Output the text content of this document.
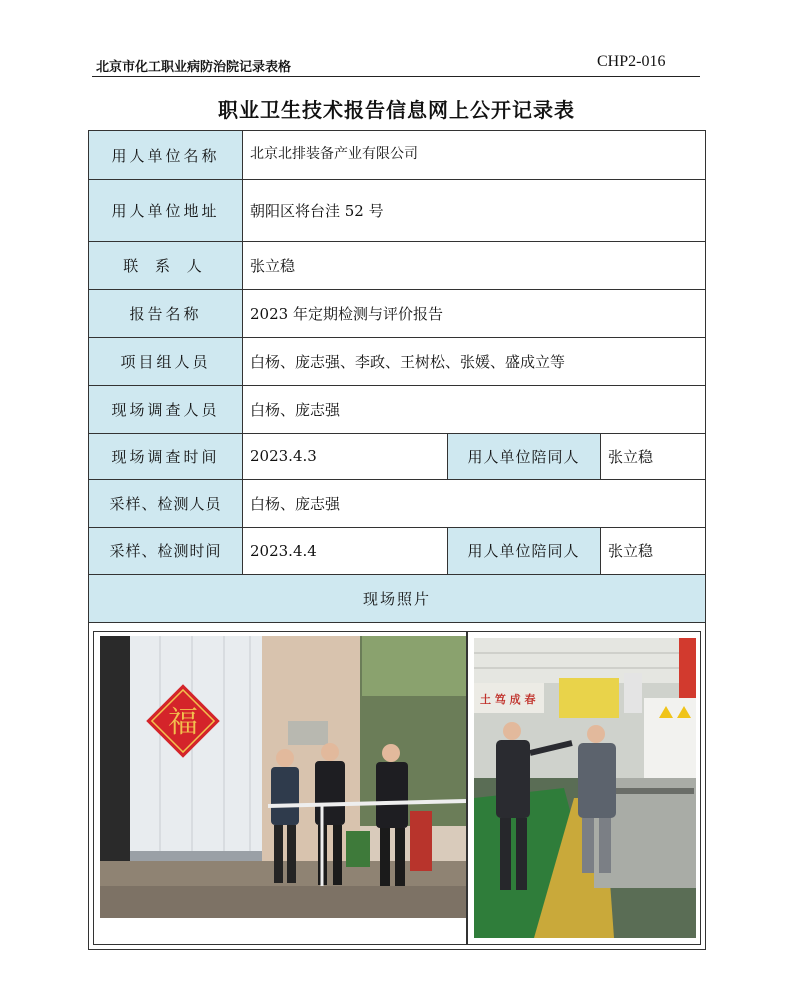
北京市化工职业病防治院记录表格	CHP2-016
职业卫生技术报告信息网上公开记录表
用人单位名称	北京北排装备产业有限公司
用人单位地址	朝阳区将台洼 52 号
联 系 人	张立稳
报告名称	2023 年定期检测与评价报告
项目组人员	白杨、庞志强、李政、王树松、张媛、盛成立等
现场调查人员	白杨、庞志强
现场调查时间	2023.4.3	用人单位陪同人	张立稳
采样、检测人员	白杨、庞志强
采样、检测时间	2023.4.4	用人单位陪同人	张立稳
现场照片
福
土 笃 成 春
